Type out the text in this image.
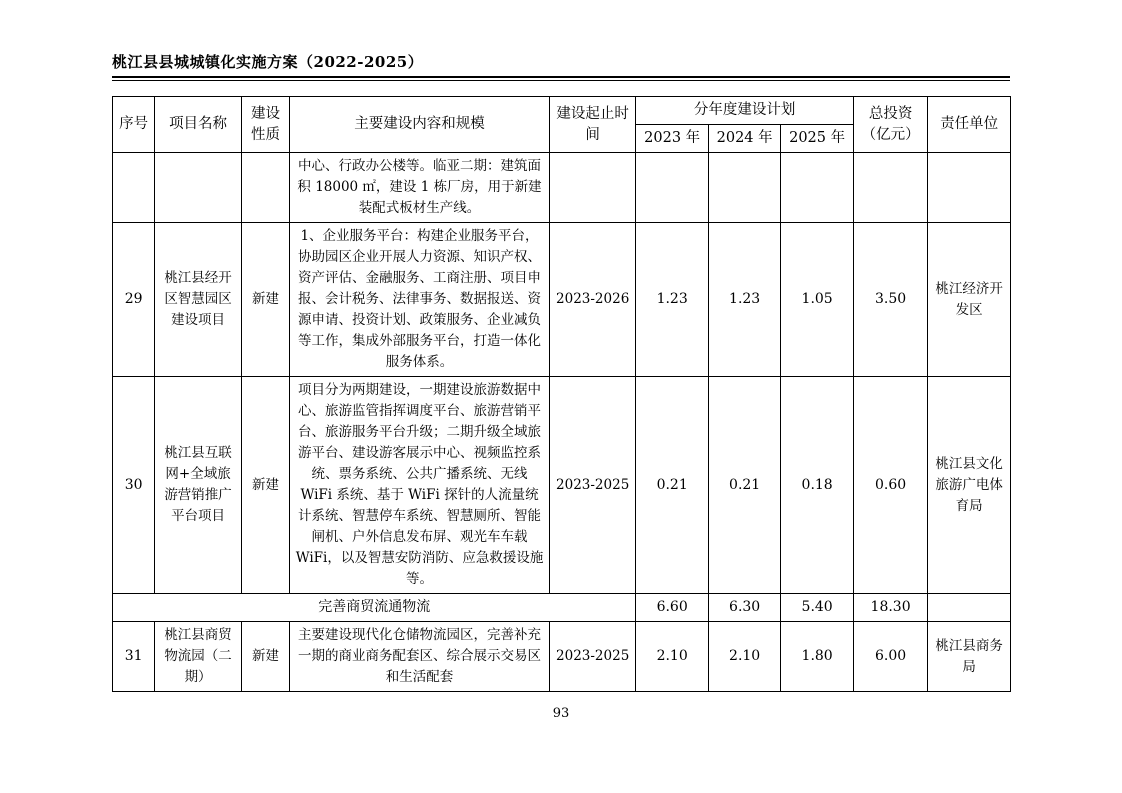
桃江县县城城镇化实施方案（2022-2025）
序号	项目名称	建设性质	主要建设内容和规模	建设起止时间	分年度建设计划			总投资（亿元）	责任单位
					2023 年	2024 年	2025 年		
			中心、行政办公楼等。临亚二期：建筑面积 18000 ㎡，建设 1 栋厂房，用于新建装配式板材生产线。						
29	桃江县经开区智慧园区建设项目	新建	1、企业服务平台：构建企业服务平台，协助园区企业开展人力资源、知识产权、资产评估、金融服务、工商注册、项目申报、会计税务、法律事务、数据报送、资源申请、投资计划、政策服务、企业减负等工作，集成外部服务平台，打造一体化服务体系。	2023-2026	1.23	1.23	1.05	3.50	桃江经济开发区
30	桃江县互联网+全域旅游营销推广平台项目	新建	项目分为两期建设，一期建设旅游数据中心、旅游监管指挥调度平台、旅游营销平台、旅游服务平台升级；二期升级全域旅游平台、建设游客展示中心、视频监控系统、票务系统、公共广播系统、无线 WiFi 系统、基于 WiFi 探针的人流量统计系统、智慧停车系统、智慧厕所、智能闸机、户外信息发布屏、观光车车载 WiFi，以及智慧安防消防、应急救援设施等。	2023-2025	0.21	0.21	0.18	0.60	桃江县文化旅游广电体育局
完善商贸流通物流					6.60	6.30	5.40	18.30	
31	桃江县商贸物流园（二期）	新建	主要建设现代化仓储物流园区，完善补充一期的商业商务配套区、综合展示交易区和生活配套	2023-2025	2.10	2.10	1.80	6.00	桃江县商务局
93
